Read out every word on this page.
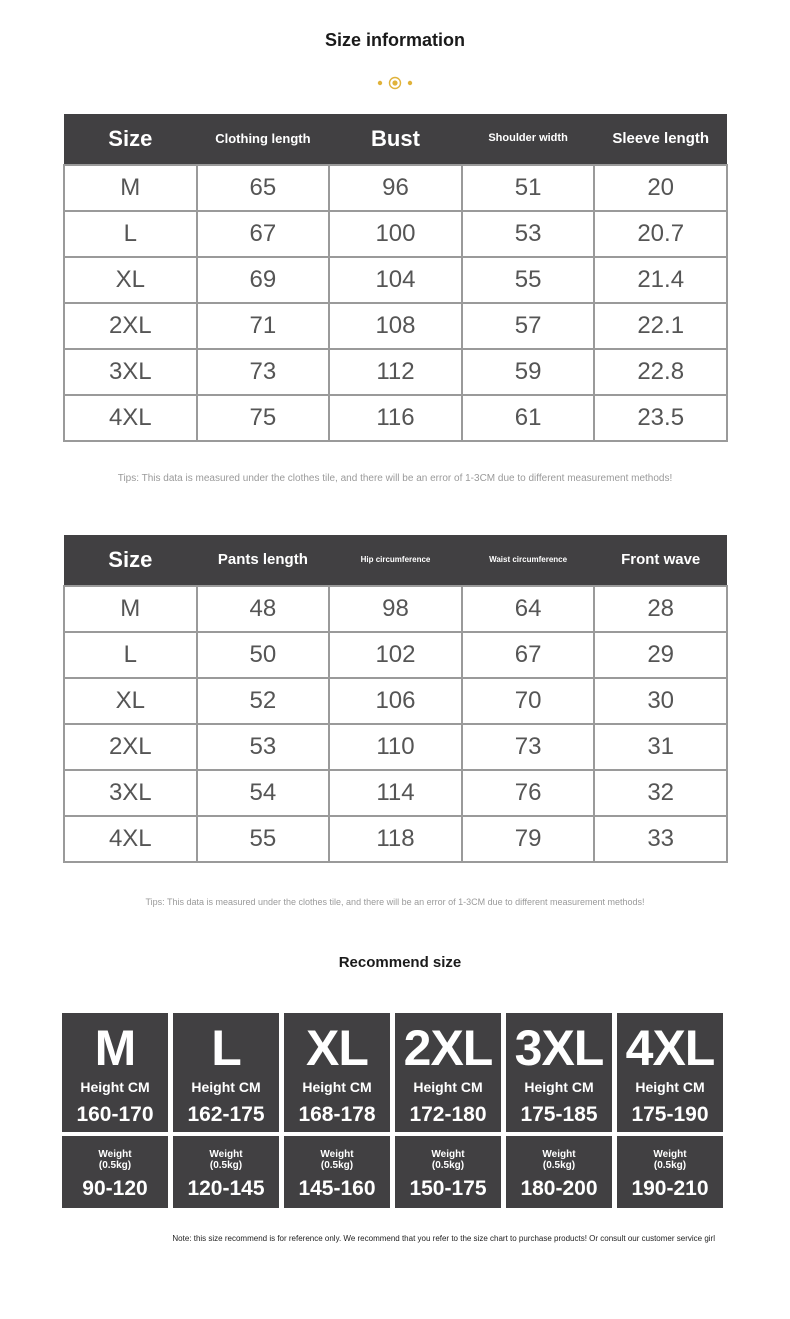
Size information
Size	Clothing length	Bust	Shoulder width	Sleeve length
M	65	96	51	20
L	67	100	53	20.7
XL	69	104	55	21.4
2XL	71	108	57	22.1
3XL	73	112	59	22.8
4XL	75	116	61	23.5
Tips: This data is measured under the clothes tile, and there will be an error of 1-3CM due to different measurement methods!
Size	Pants length	Hip circumference	Waist circumference	Front wave
M	48	98	64	28
L	50	102	67	29
XL	52	106	70	30
2XL	53	110	73	31
3XL	54	114	76	32
4XL	55	118	79	33
Tips: This data is measured under the clothes tile, and there will be an error of 1-3CM due to different measurement methods!
Recommend size
M
Height CM
160-170
L
Height CM
162-175
XL
Height CM
168-178
2XL
Height CM
172-180
3XL
Height CM
175-185
4XL
Height CM
175-190
Weight
(0.5kg)
90-120
Weight
(0.5kg)
120-145
Weight
(0.5kg)
145-160
Weight
(0.5kg)
150-175
Weight
(0.5kg)
180-200
Weight
(0.5kg)
190-210
Note: this size recommend is for reference only. We recommend that you refer to the size chart to purchase products! Or consult our customer service girl
